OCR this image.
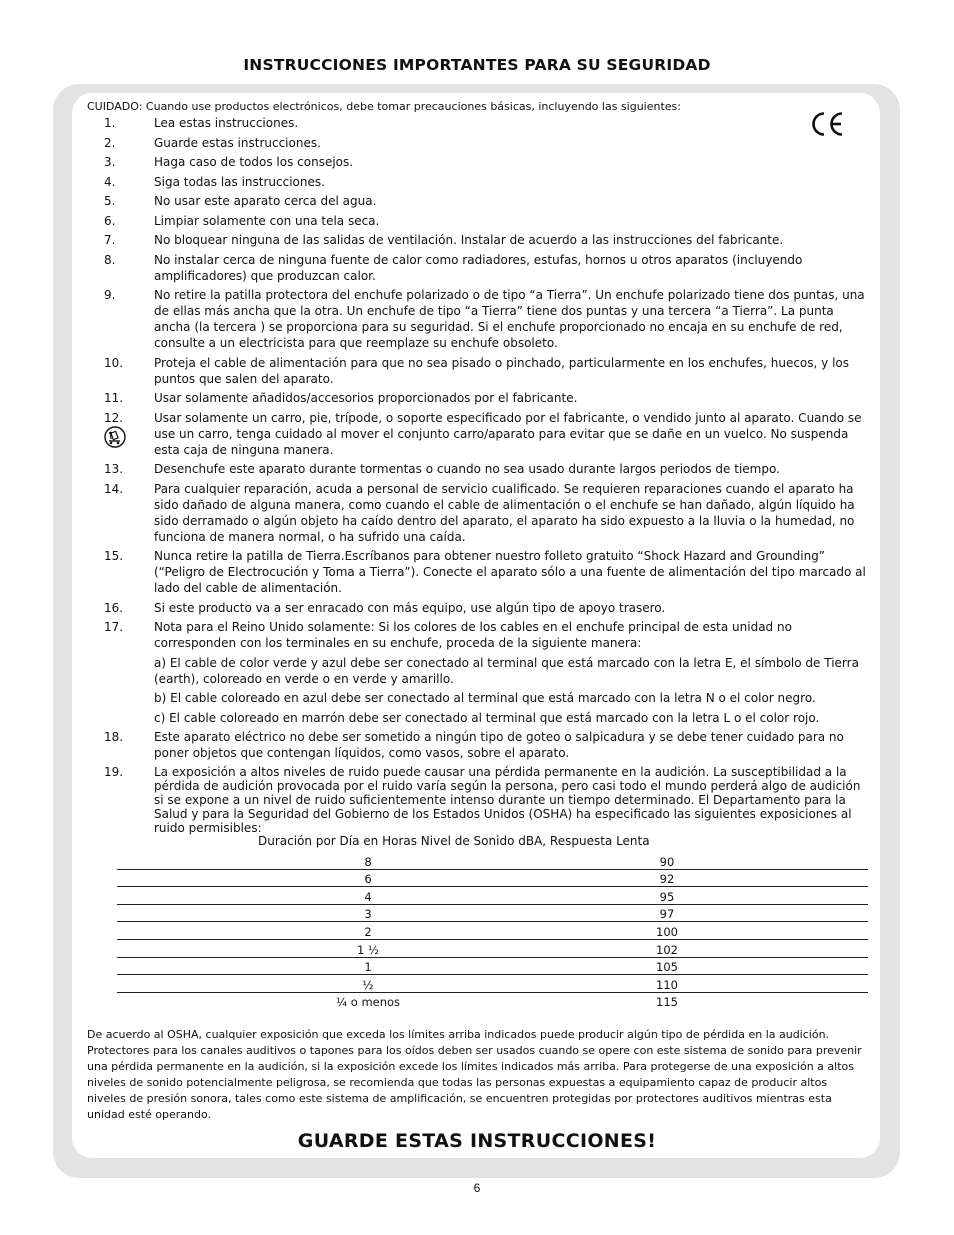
INSTRUCCIONES IMPORTANTES PARA SU SEGURIDAD
CUIDADO: Cuando use productos electrónicos, debe tomar precauciones básicas, incluyendo las siguientes:
1.	Lea estas instrucciones.
2.	Guarde estas instrucciones.
3.	Haga caso de todos los consejos.
4.	Siga todas las instrucciones.
5.	No usar este aparato cerca del agua.
6.	Limpiar solamente con una tela seca.
7.	No bloquear ninguna de las salidas de ventilación. Instalar de acuerdo a las instrucciones del fabricante.
8.	No instalar cerca de ninguna fuente de calor como radiadores, estufas, hornos u otros aparatos (incluyendo amplificadores) que produzcan calor.
9.	No retire la patilla protectora del enchufe polarizado o de tipo “a Tierra”. Un enchufe polarizado tiene dos puntas, una de ellas más ancha que la otra. Un enchufe de tipo “a Tierra” tiene dos puntas y una tercera “a Tierra”. La punta ancha (la tercera ) se proporciona para su seguridad. Si el enchufe proporcionado no encaja en su enchufe de red, consulte a un electricista para que reemplaze su enchufe obsoleto.
10.	Proteja el cable de alimentación para que no sea pisado o pinchado, particularmente en los enchufes, huecos, y los puntos que salen del aparato.
11.	Usar solamente añadidos/accesorios proporcionados por el fabricante.
12.	Usar solamente un carro, pie, trípode, o soporte especificado por el fabricante, o vendido junto al aparato. Cuando se use un carro, tenga cuidado al mover el conjunto carro/aparato para evitar que se dañe en un vuelco. No suspenda esta caja de ninguna manera.
13.	Desenchufe este aparato durante tormentas o cuando no sea usado durante largos periodos de tiempo.
14.	Para cualquier reparación, acuda a personal de servicio cualificado. Se requieren reparaciones cuando el aparato ha sido dañado de alguna manera, como cuando el cable de alimentación o el enchufe se han dañado, algún líquido ha sido derramado o algún objeto ha caído dentro del aparato, el aparato ha sido expuesto a la lluvia o la humedad, no funciona de manera normal, o ha sufrido una caída.
15.	Nunca retire la patilla de Tierra.Escríbanos para obtener nuestro folleto gratuito “Shock Hazard and Grounding” (“Peligro de Electrocución y Toma a Tierra”). Conecte el aparato sólo a una fuente de alimentación del tipo marcado al lado del cable de alimentación.
16.	Si este producto va a ser enracado con más equipo, use algún tipo de apoyo trasero.
17.	Nota para el Reino Unido solamente: Si los colores de los cables en el enchufe principal de esta unidad no corresponden con los terminales en su enchufe, proceda de la siguiente manera:
a) El cable de color verde y azul debe ser conectado al terminal que está marcado con la letra E, el símbolo de Tierra (earth), coloreado en verde o en verde y amarillo.
b) El cable coloreado en azul debe ser conectado al terminal que está marcado con la letra N o el color negro.
c) El cable coloreado en marrón debe ser conectado al terminal que está marcado con la letra L o el color rojo.
18.	Este aparato eléctrico no debe ser sometido a ningún tipo de goteo o salpicadura y se debe tener cuidado para no poner objetos que contengan líquidos, como vasos, sobre el aparato.
19.	La exposición a altos niveles de ruido puede causar una pérdida permanente en la audición. La susceptibilidad a la pérdida de audición provocada por el ruido varía según la persona, pero casi todo el mundo perderá algo de audición si se expone a un nivel de ruido suficientemente intenso durante un tiempo determinado. El Departamento para la Salud y para la Seguridad del Gobierno de los Estados Unidos (OSHA) ha especificado las siguientes exposiciones al ruido permisibles:
Duración por Día en Horas Nivel de Sonido dBA, Respuesta Lenta
8	90
6	92
4	95
3	97
2	100
1 ½	102
1	105
½	110
¼ o menos	115
De acuerdo al OSHA, cualquier exposición que exceda los límites arriba indicados puede producir algún tipo de pérdida en la audición. Protectores para los canales auditivos o tapones para los oídos deben ser usados cuando se opere con este sistema de sonido para prevenir una pérdida permanente en la audición, si la exposición excede los límites indicados más arriba. Para protegerse de una exposición a altos niveles de sonido potencialmente peligrosa, se recomienda que todas las personas expuestas a equipamiento capaz de producir altos niveles de presión sonora, tales como este sistema de amplificación, se encuentren protegidas por protectores auditivos mientras esta unidad esté operando.
GUARDE ESTAS INSTRUCCIONES!
6
